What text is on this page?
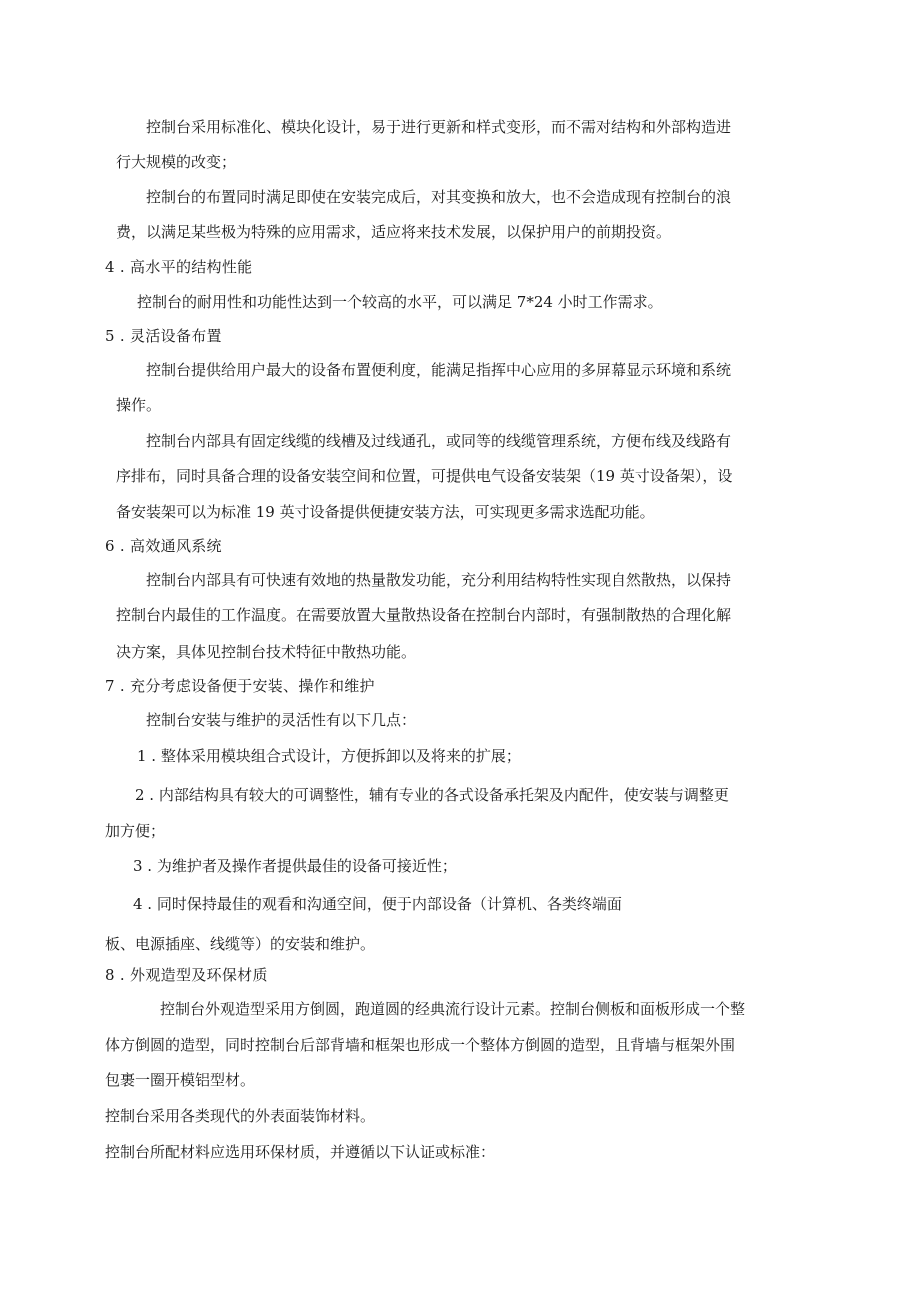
控制台采用标准化、模块化设计，易于进行更新和样式变形，而不需对结构和外部构造进
行大规模的改变；
控制台的布置同时满足即使在安装完成后，对其变换和放大，也不会造成现有控制台的浪
费，以满足某些极为特殊的应用需求，适应将来技术发展，以保护用户的前期投资。
4 . 高水平的结构性能
控制台的耐用性和功能性达到一个较高的水平，可以满足 7*24 小时工作需求。
5 . 灵活设备布置
控制台提供给用户最大的设备布置便利度，能满足指挥中心应用的多屏幕显示环境和系统
操作。
控制台内部具有固定线缆的线槽及过线通孔，或同等的线缆管理系统，方便布线及线路有
序排布，同时具备合理的设备安装空间和位置，可提供电气设备安装架（19 英寸设备架），设
备安装架可以为标准 19 英寸设备提供便捷安装方法，可实现更多需求选配功能。
6 . 高效通风系统
控制台内部具有可快速有效地的热量散发功能，充分利用结构特性实现自然散热，以保持
控制台内最佳的工作温度。在需要放置大量散热设备在控制台内部时，有强制散热的合理化解
决方案，具体见控制台技术特征中散热功能。
7 . 充分考虑设备便于安装、操作和维护
控制台安装与维护的灵活性有以下几点：
1 . 整体采用模块组合式设计，方便拆卸以及将来的扩展；
2 . 内部结构具有较大的可调整性，辅有专业的各式设备承托架及内配件，使安装与调整更
加方便；
3 . 为维护者及操作者提供最佳的设备可接近性；
4 . 同时保持最佳的观看和沟通空间，便于内部设备（计算机、各类终端面
板、电源插座、线缆等）的安装和维护。
8 . 外观造型及环保材质
控制台外观造型采用方倒圆，跑道圆的经典流行设计元素。控制台侧板和面板形成一个整
体方倒圆的造型，同时控制台后部背墙和框架也形成一个整体方倒圆的造型，且背墙与框架外围
包裹一圈开模铝型材。
控制台采用各类现代的外表面装饰材料。
控制台所配材料应选用环保材质，并遵循以下认证或标准：
